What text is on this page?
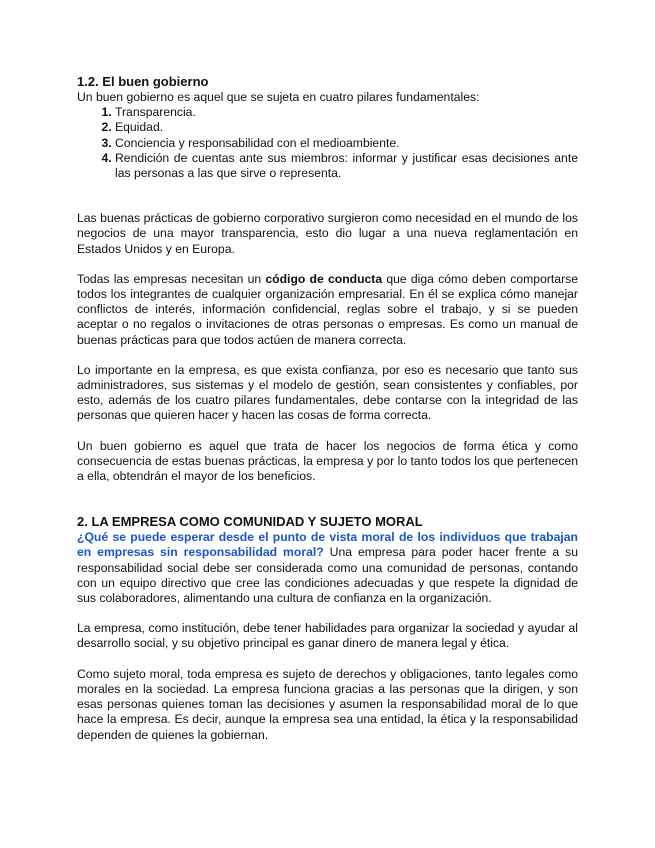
1.2. El buen gobierno

Un buen gobierno es aquel que se sujeta en cuatro pilares fundamentales:

1. Transparencia.
2. Equidad.
3. Conciencia y responsabilidad con el medioambiente.
4. Rendición de cuentas ante sus miembros: informar y justificar esas decisiones ante las personas a las que sirve o representa.

Las buenas prácticas de gobierno corporativo surgieron como necesidad en el mundo de los negocios de una mayor transparencia, esto dio lugar a una nueva reglamentación en Estados Unidos y en Europa.

Todas las empresas necesitan un código de conducta que diga cómo deben comportarse todos los integrantes de cualquier organización empresarial. En él se explica cómo manejar conflictos de interés, información confidencial, reglas sobre el trabajo, y si se pueden aceptar o no regalos o invitaciones de otras personas o empresas. Es como un manual de buenas prácticas para que todos actúen de manera correcta.

Lo importante en la empresa, es que exista confianza, por eso es necesario que tanto sus administradores, sus sistemas y el modelo de gestión, sean consistentes y confiables, por esto, además de los cuatro pilares fundamentales, debe contarse con la integridad de las personas que quieren hacer y hacen las cosas de forma correcta.

Un buen gobierno es aquel que trata de hacer los negocios de forma ética y como consecuencia de estas buenas prácticas, la empresa y por lo tanto todos los que pertenecen a ella, obtendrán el mayor de los beneficios.

2. LA EMPRESA COMO COMUNIDAD Y SUJETO MORAL

¿Qué se puede esperar desde el punto de vista moral de los individuos que trabajan en empresas sin responsabilidad moral? Una empresa para poder hacer frente a su responsabilidad social debe ser considerada como una comunidad de personas, contando con un equipo directivo que cree las condiciones adecuadas y que respete la dignidad de sus colaboradores, alimentando una cultura de confianza en la organización.

La empresa, como institución, debe tener habilidades para organizar la sociedad y ayudar al desarrollo social, y su objetivo principal es ganar dinero de manera legal y ética.

Como sujeto moral, toda empresa es sujeto de derechos y obligaciones, tanto legales como morales en la sociedad. La empresa funciona gracias a las personas que la dirigen, y son esas personas quienes toman las decisiones y asumen la responsabilidad moral de lo que hace la empresa. Es decir, aunque la empresa sea una entidad, la ética y la responsabilidad dependen de quienes la gobiernan.
